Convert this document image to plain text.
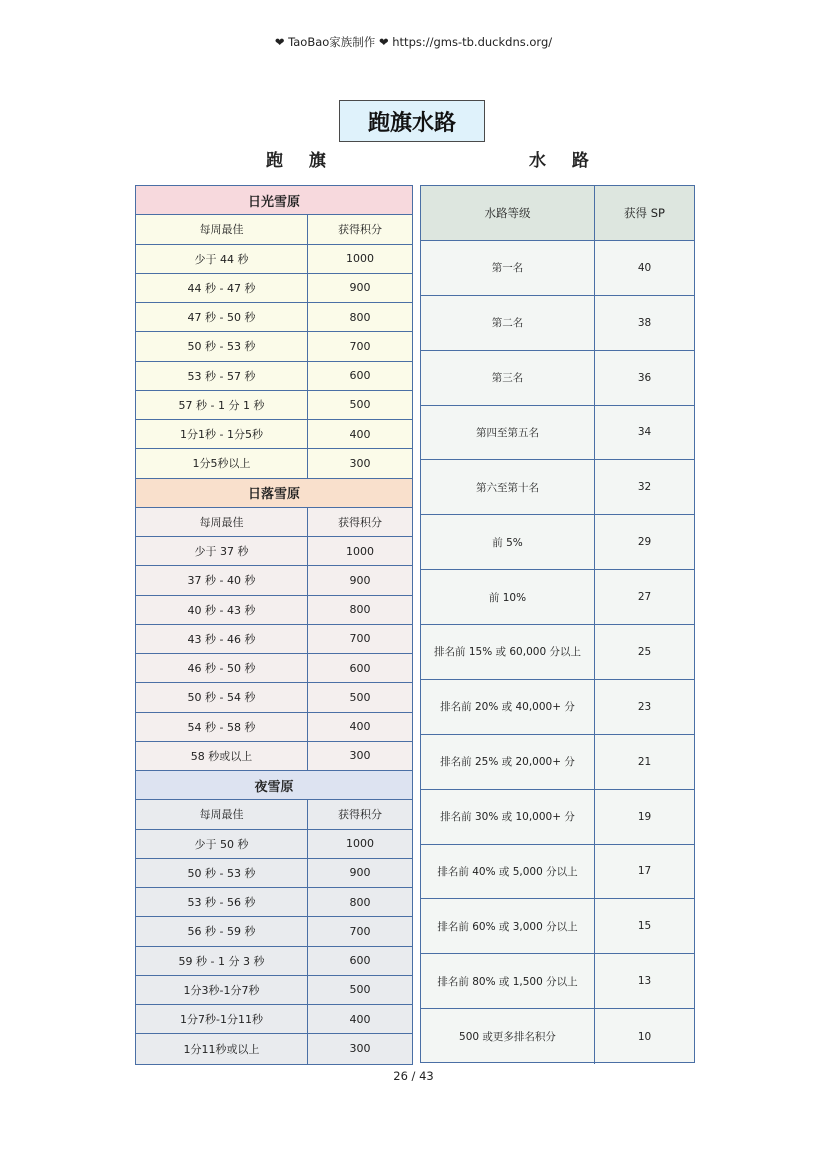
❤ TaoBao家族制作 ❤ https://gms-tb.duckdns.org/
跑旗水路
跑 旗	水 路
日光雪原
每周最佳	获得积分
少于 44 秒	1000
44 秒 - 47 秒	900
47 秒 - 50 秒	800
50 秒 - 53 秒	700
53 秒 - 57 秒	600
57 秒 - 1 分 1 秒	500
1分1秒 - 1分5秒	400
1分5秒以上	300
日落雪原
每周最佳	获得积分
少于 37 秒	1000
37 秒 - 40 秒	900
40 秒 - 43 秒	800
43 秒 - 46 秒	700
46 秒 - 50 秒	600
50 秒 - 54 秒	500
54 秒 - 58 秒	400
58 秒或以上	300
夜雪原
每周最佳	获得积分
少于 50 秒	1000
50 秒 - 53 秒	900
53 秒 - 56 秒	800
56 秒 - 59 秒	700
59 秒 - 1 分 3 秒	600
1分3秒-1分7秒	500
1分7秒-1分11秒	400
1分11秒或以上	300
水路等级	获得 SP
第一名	40
第二名	38
第三名	36
第四至第五名	34
第六至第十名	32
前 5%	29
前 10%	27
排名前 15% 或 60,000 分以上	25
排名前 20% 或 40,000+ 分	23
排名前 25% 或 20,000+ 分	21
排名前 30% 或 10,000+ 分	19
排名前 40% 或 5,000 分以上	17
排名前 60% 或 3,000 分以上	15
排名前 80% 或 1,500 分以上	13
500 或更多排名积分	10
26 / 43
